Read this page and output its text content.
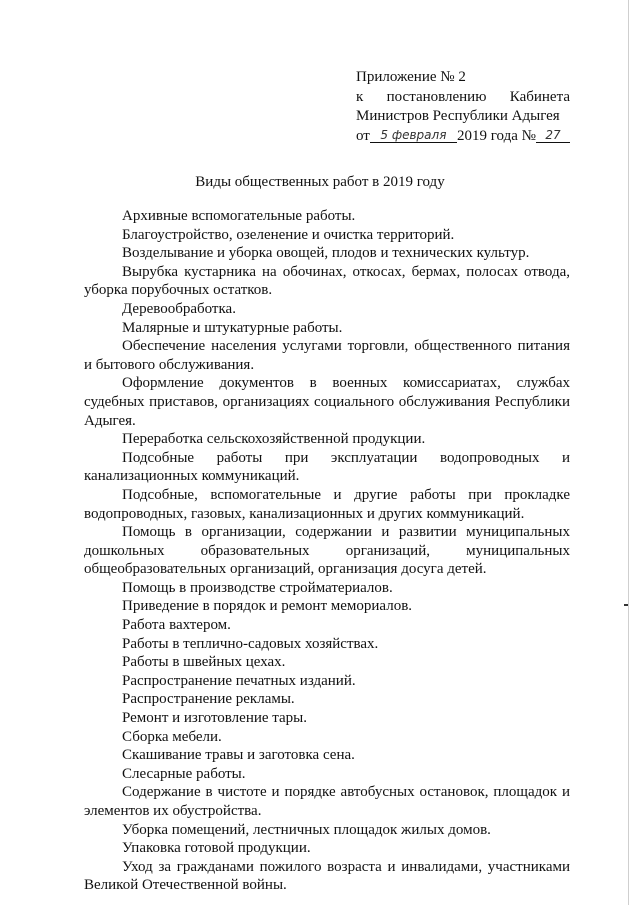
Приложение № 2
к постановлению Кабинета
Министров Республики Адыгея
от 5 февраля 2019 года № 27
Виды общественных работ в 2019 году

Архивные вспомогательные работы.

Благоустройство, озеленение и очистка территорий.

Возделывание и уборка овощей, плодов и технических культур.

Вырубка кустарника на обочинах, откосах, бермах, полосах отвода, уборка порубочных остатков.

Деревообработка.

Малярные и штукатурные работы.

Обеспечение населения услугами торговли, общественного питания и бытового обслуживания.

Оформление документов в военных комиссариатах, службах судебных приставов, организациях социального обслуживания Республики Адыгея.

Переработка сельскохозяйственной продукции.

Подсобные работы при эксплуатации водопроводных и канализационных коммуникаций.

Подсобные, вспомогательные и другие работы при прокладке водопроводных, газовых, канализационных и других коммуникаций.

Помощь в организации, содержании и развитии муниципальных дошкольных образовательных организаций, муниципальных общеобразовательных организаций, организация досуга детей.

Помощь в производстве стройматериалов.

Приведение в порядок и ремонт мемориалов.

Работа вахтером.

Работы в теплично-садовых хозяйствах.

Работы в швейных цехах.

Распространение печатных изданий.

Распространение рекламы.

Ремонт и изготовление тары.

Сборка мебели.

Скашивание травы и заготовка сена.

Слесарные работы.

Содержание в чистоте и порядке автобусных остановок, площадок и элементов их обустройства.

Уборка помещений, лестничных площадок жилых домов.

Упаковка готовой продукции.

Уход за гражданами пожилого возраста и инвалидами, участниками Великой Отечественной войны.
